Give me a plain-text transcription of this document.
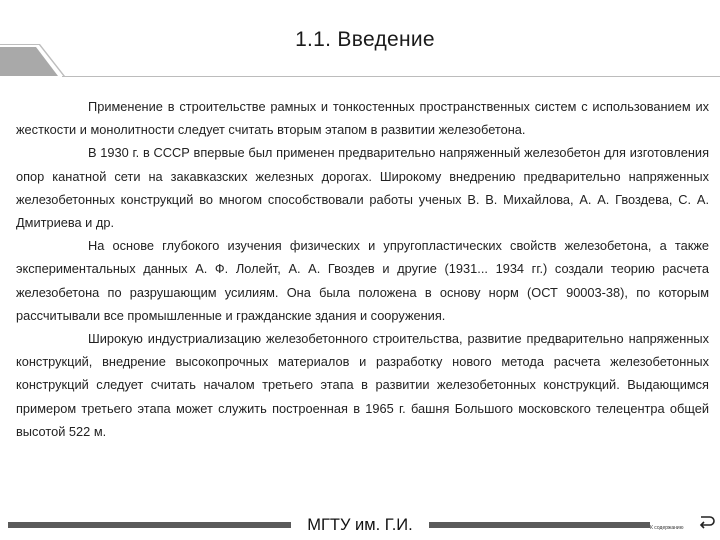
1.1. Введение

Применение в строительстве рамных и тонкостенных пространственных систем с использованием их жесткости и монолитности следует считать вторым этапом в развитии железобетона.

В 1930 г. в СССР впервые был применен предварительно напряженный железобетон для изготовления опор канатной сети на закавказских железных дорогах. Широкому внедрению предварительно напряженных железобетонных конструкций во многом способствовали работы ученых В. В. Михайлова, А. А. Гвоздева, С. А. Дмитриева и др.

На основе глубокого изучения физических и упругопластических свойств железобетона, а также экспериментальных данных А. Ф. Лолейт, А. А. Гвоздев и другие (1931... 1934 гг.) создали теорию расчета железобетона по разрушающим усилиям. Она была положена в основу норм (ОСТ 90003-38), по которым рассчитывали все промышленные и гражданские здания и сооружения.

Широкую индустриализацию железобетонного строительства, развитие предварительно напряженных конструкций, внедрение высокопрочных материалов и разработку нового метода расчета железобетонных конструкций следует считать началом третьего этапа в развитии железобетонных конструкций. Выдающимся примером третьего этапа может служить построенная в 1965 г. башня Большого московского телецентра общей высотой 522 м.

МГТУ им. Г.И.	К содержанию
